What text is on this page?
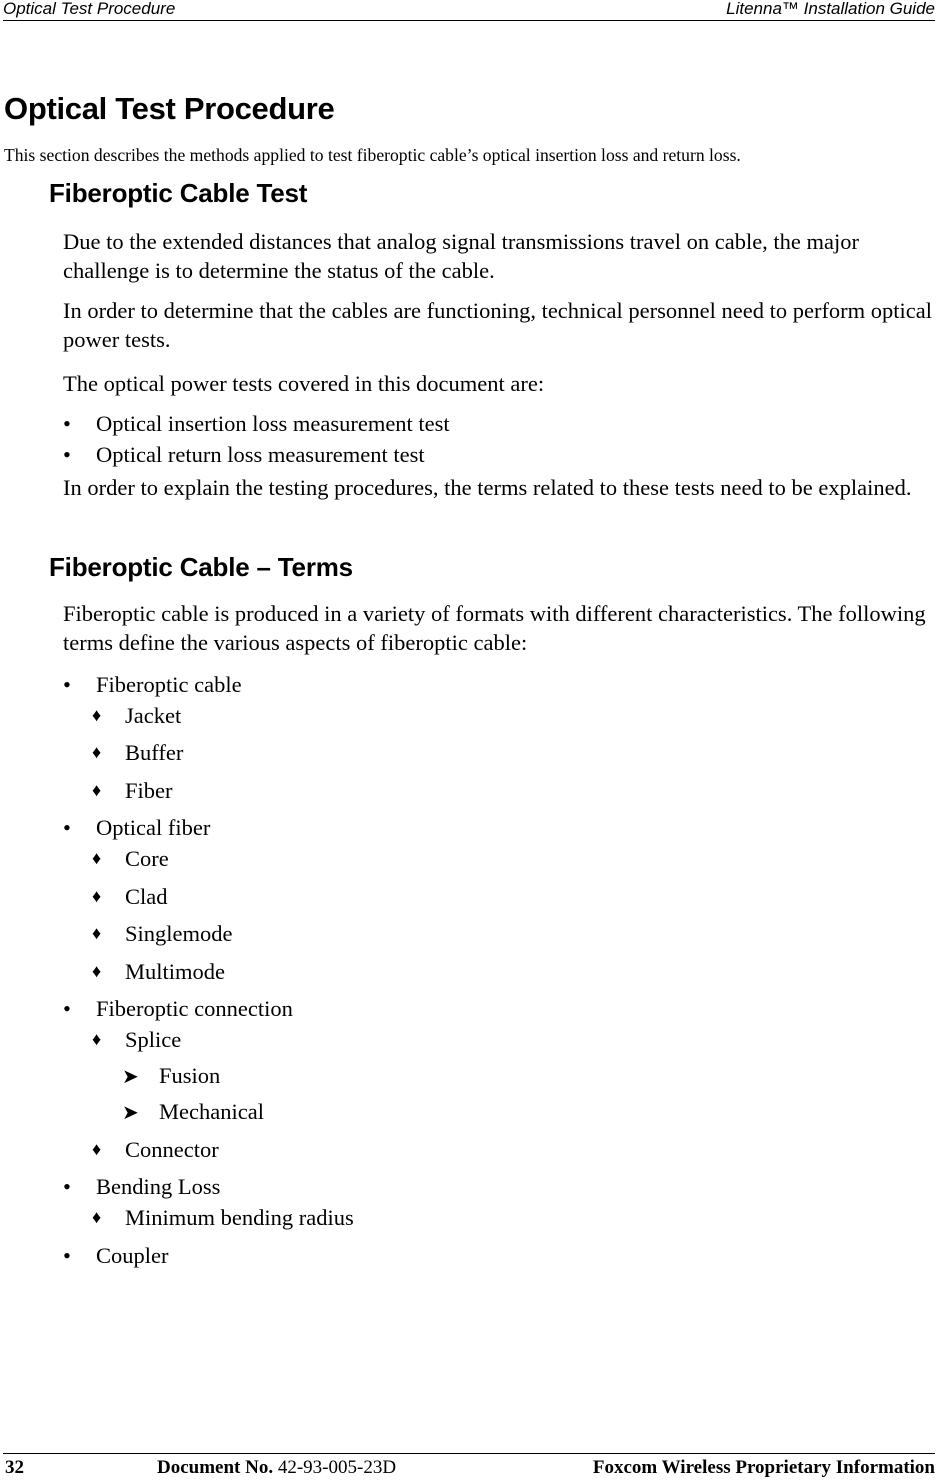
Optical Test Procedure	Litenna™ Installation Guide
Optical Test Procedure
This section describes the methods applied to test fiberoptic cable’s optical insertion loss and return loss.
Fiberoptic Cable Test
Due to the extended distances that analog signal transmissions travel on cable, the major challenge is to determine the status of the cable.
In order to determine that the cables are functioning, technical personnel need to perform optical power tests.
The optical power tests covered in this document are:
• Optical insertion loss measurement test
• Optical return loss measurement test
In order to explain the testing procedures, the terms related to these tests need to be explained.
Fiberoptic Cable – Terms
Fiberoptic cable is produced in a variety of formats with different characteristics. The following terms define the various aspects of fiberoptic cable:
• Fiberoptic cable
♦ Jacket
♦ Buffer
♦ Fiber
• Optical fiber
♦ Core
♦ Clad
♦ Singlemode
♦ Multimode
• Fiberoptic connection
♦ Splice
➤ Fusion
➤ Mechanical
♦ Connector
• Bending Loss
♦ Minimum bending radius
• Coupler
32	Document No. 42-93-005-23D	Foxcom Wireless Proprietary Information
